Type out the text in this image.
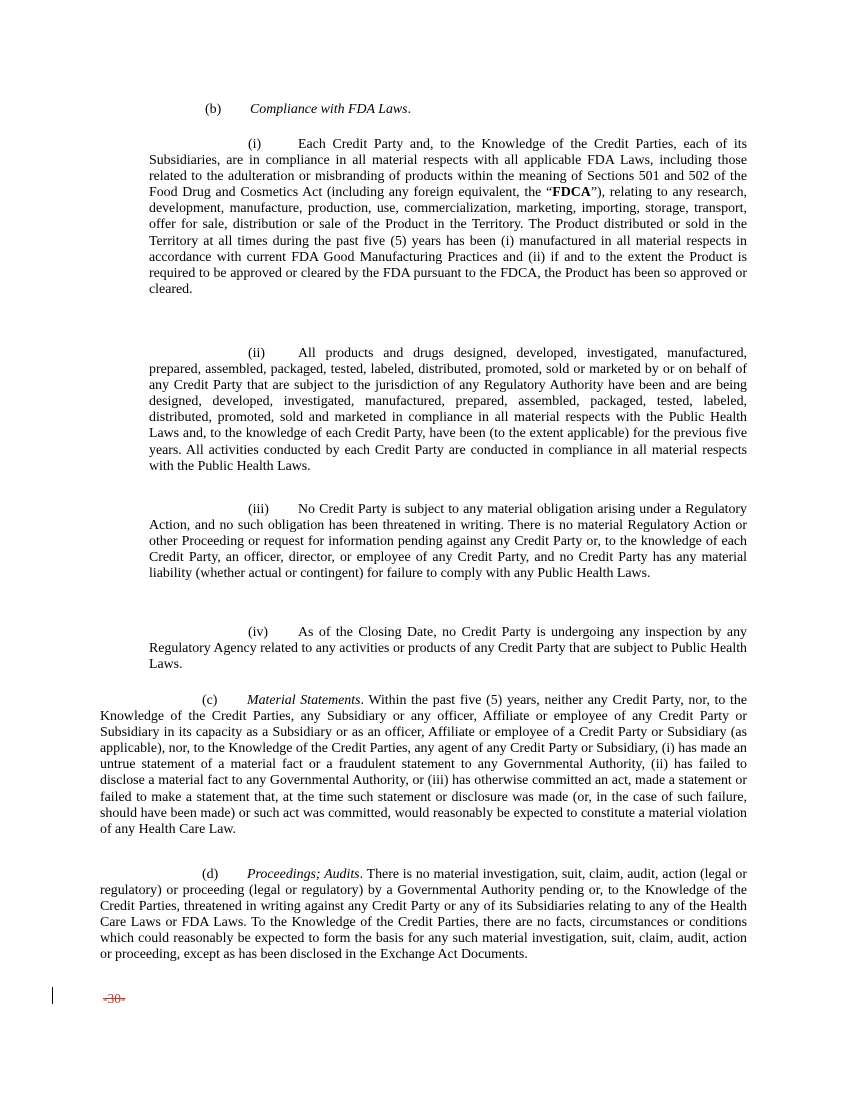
(b) Compliance with FDA Laws.

(i)	Each Credit Party and, to the Knowledge of the Credit Parties, each of its Subsidiaries, are in compliance in all material respects with all applicable FDA Laws, including those related to the adulteration or misbranding of products within the meaning of Sections 501 and 502 of the Food Drug and Cosmetics Act (including any foreign equivalent, the “FDCA”), relating to any research, development, manufacture, production, use, commercialization, marketing, importing, storage, transport, offer for sale, distribution or sale of the Product in the Territory. The Product distributed or sold in the Territory at all times during the past five (5) years has been (i) manufactured in all material respects in accordance with current FDA Good Manufacturing Practices and (ii) if and to the extent the Product is required to be approved or cleared by the FDA pursuant to the FDCA, the Product has been so approved or cleared.

(ii) All products and drugs designed, developed, investigated, manufactured, prepared, assembled, packaged, tested, labeled, distributed, promoted, sold or marketed by or on behalf of any Credit Party that are subject to the jurisdiction of any Regulatory Authority have been and are being designed, developed, investigated, manufactured, prepared, assembled, packaged, tested, labeled, distributed, promoted, sold and marketed in compliance in all material respects with the Public Health Laws and, to the knowledge of each Credit Party, have been (to the extent applicable) for the previous five years. All activities conducted by each Credit Party are conducted in compliance in all material respects with the Public Health Laws.

(iii) No Credit Party is subject to any material obligation arising under a Regulatory Action, and no such obligation has been threatened in writing. There is no material Regulatory Action or other Proceeding or request for information pending against any Credit Party or, to the knowledge of each Credit Party, an officer, director, or employee of any Credit Party, and no Credit Party has any material liability (whether actual or contingent) for failure to comply with any Public Health Laws.

(iv) As of the Closing Date, no Credit Party is undergoing any inspection by any Regulatory Agency related to any activities or products of any Credit Party that are subject to Public Health Laws.

(c) Material Statements. Within the past five (5) years, neither any Credit Party, nor, to the Knowledge of the Credit Parties, any Subsidiary or any officer, Affiliate or employee of any Credit Party or Subsidiary in its capacity as a Subsidiary or as an officer, Affiliate or employee of a Credit Party or Subsidiary (as applicable), nor, to the Knowledge of the Credit Parties, any agent of any Credit Party or Subsidiary, (i) has made an untrue statement of a material fact or a fraudulent statement to any Governmental Authority, (ii) has failed to disclose a material fact to any Governmental Authority, or (iii) has otherwise committed an act, made a statement or failed to make a statement that, at the time such statement or disclosure was made (or, in the case of such failure, should have been made) or such act was committed, would reasonably be expected to constitute a material violation of any Health Care Law.

(d) Proceedings; Audits. There is no material investigation, suit, claim, audit, action (legal or regulatory) or proceeding (legal or regulatory) by a Governmental Authority pending or, to the Knowledge of the Credit Parties, threatened in writing against any Credit Party or any of its Subsidiaries relating to any of the Health Care Laws or FDA Laws. To the Knowledge of the Credit Parties, there are no facts, circumstances or conditions which could reasonably be expected to form the basis for any such material investigation, suit, claim, audit, action or proceeding, except as has been disclosed in the Exchange Act Documents.

-30-
